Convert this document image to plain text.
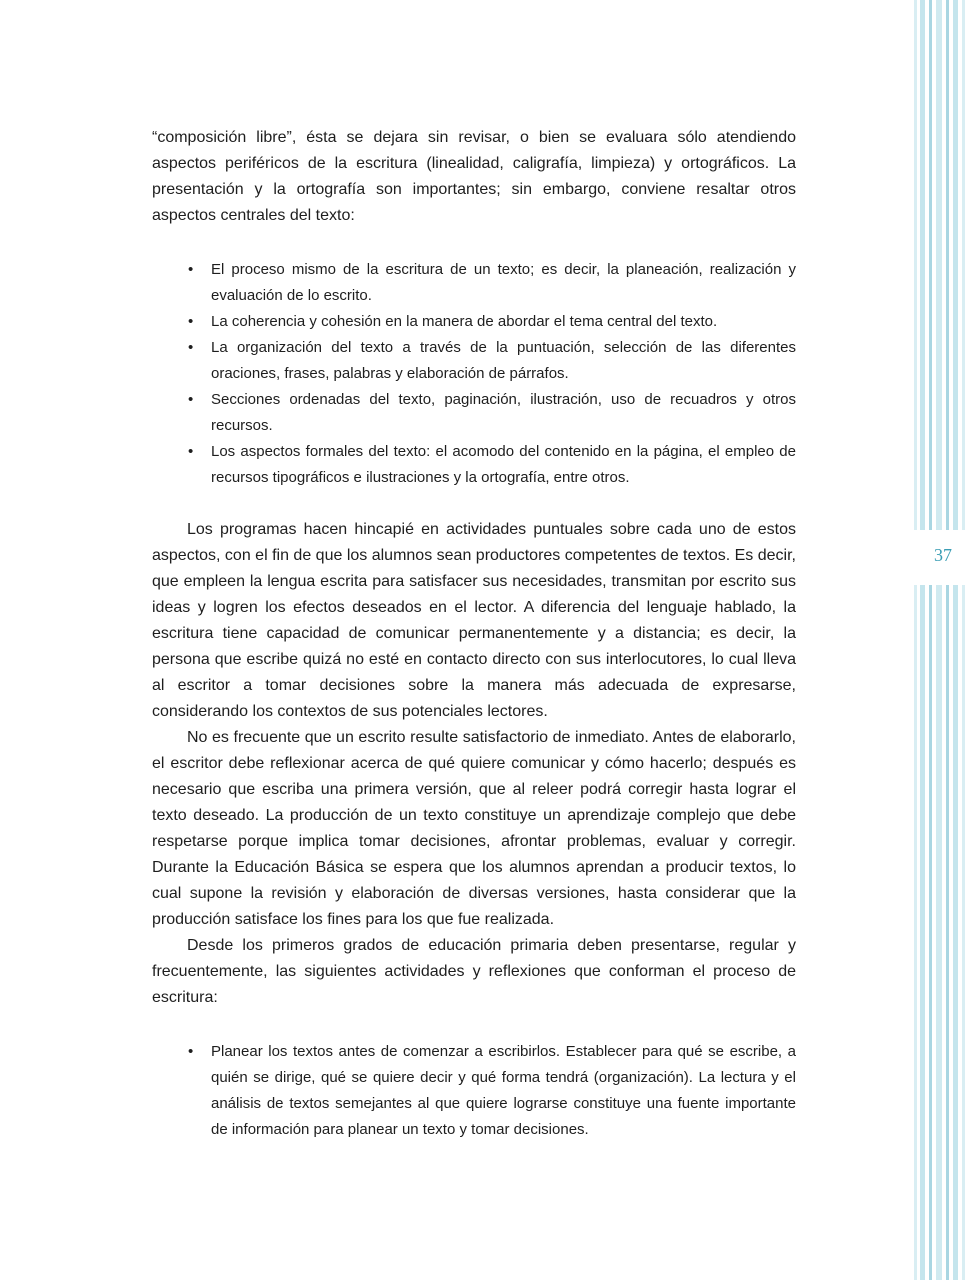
37

“composición libre”, ésta se dejara sin revisar, o bien se evaluara sólo atendiendo aspectos periféricos de la escritura (linealidad, caligrafía, limpieza) y ortográficos. La presentación y la ortografía son importantes; sin embargo, conviene resaltar otros aspectos centrales del texto:

• El proceso mismo de la escritura de un texto; es decir, la planeación, realización y evaluación de lo escrito.
• La coherencia y cohesión en la manera de abordar el tema central del texto.
• La organización del texto a través de la puntuación, selección de las diferentes oraciones, frases, palabras y elaboración de párrafos.
• Secciones ordenadas del texto, paginación, ilustración, uso de recuadros y otros recursos.
• Los aspectos formales del texto: el acomodo del contenido en la página, el empleo de recursos tipográficos e ilustraciones y la ortografía, entre otros.

Los programas hacen hincapié en actividades puntuales sobre cada uno de estos aspectos, con el fin de que los alumnos sean productores competentes de textos. Es decir, que empleen la lengua escrita para satisfacer sus necesidades, transmitan por escrito sus ideas y logren los efectos deseados en el lector. A diferencia del lenguaje hablado, la escritura tiene capacidad de comunicar permanentemente y a distancia; es decir, la persona que escribe quizá no esté en contacto directo con sus interlocutores, lo cual lleva al escritor a tomar decisiones sobre la manera más adecuada de expresarse, considerando los contextos de sus potenciales lectores.

No es frecuente que un escrito resulte satisfactorio de inmediato. Antes de elaborarlo, el escritor debe reflexionar acerca de qué quiere comunicar y cómo hacerlo; después es necesario que escriba una primera versión, que al releer podrá corregir hasta lograr el texto deseado. La producción de un texto constituye un aprendizaje complejo que debe respetarse porque implica tomar decisiones, afrontar problemas, evaluar y corregir. Durante la Educación Básica se espera que los alumnos aprendan a producir textos, lo cual supone la revisión y elaboración de diversas versiones, hasta considerar que la producción satisface los fines para los que fue realizada.

Desde los primeros grados de educación primaria deben presentarse, regular y frecuentemente, las siguientes actividades y reflexiones que conforman el proceso de escritura:

• Planear los textos antes de comenzar a escribirlos. Establecer para qué se escribe, a quién se dirige, qué se quiere decir y qué forma tendrá (organización). La lectura y el análisis de textos semejantes al que quiere lograrse constituye una fuente importante de información para planear un texto y tomar decisiones.
